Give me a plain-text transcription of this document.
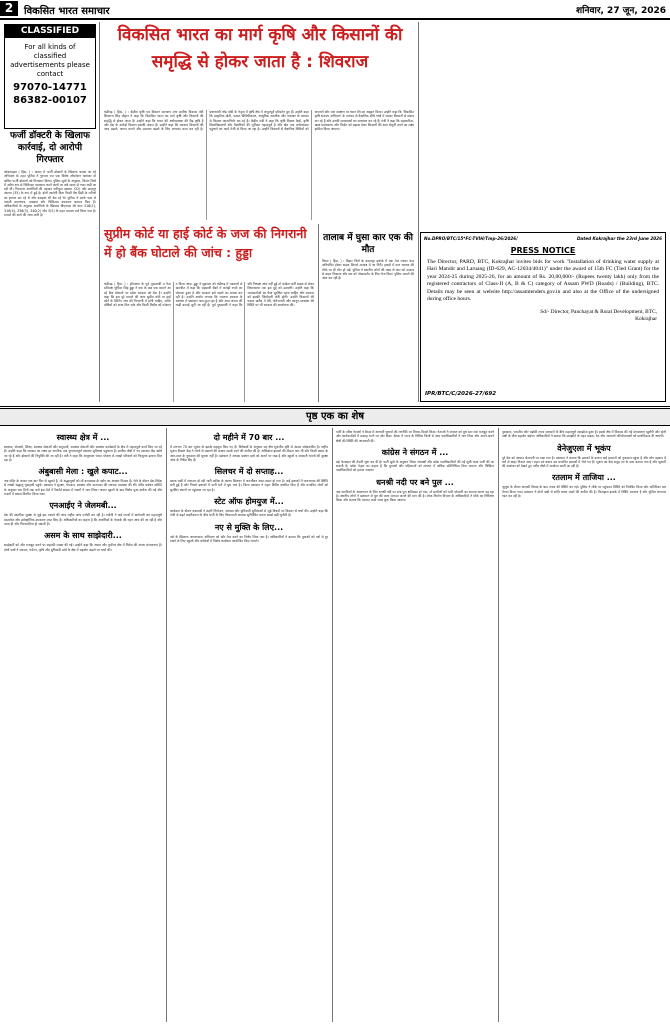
2	विकसित भारत समाचार	शनिवार, 27 जून, 2026
CLASSIFIED
For all kinds of classified advertisements please contact
97070-14771
86382-00107
फर्जी डॉक्टरी के खिलाफ कार्रवाई, दो आरोपी गिरफ्तार
कोकराझार ( हिस. ) : असम में फर्जी डॉक्टरों के खिलाफ चलाए जा रहे अभियान के तहत पुलिस ने गुरुवार रात एक विशेष ऑपरेशन चलाकर दो कथित फर्जी डॉक्टरों को गिरफ्तार किया। पुलिस सूत्रों के अनुसार, चिरांग जिले में अवैध रूप से चिकित्सा व्यवसाय करने वालों पर लंबे समय से नजर रखी जा रही थी। गिरफ्तार आरोपियों की पहचान शरीफुल इस्लाम (32) और शाहनूर आलम (35) के रूप में हुई है। दोनों आरोपी बिना किसी वैध डिग्री के मरीजों का इलाज कर रहे थे और दवाइयां भी बेच रहे थे। पुलिस ने उनके पास से नकली प्रमाणपत्र, दवाइयां और चिकित्सा उपकरण बरामद किए हैं। अधिकारियों के अनुसार आरोपियों के खिलाफ बीएनएस की धारा 316(2), 318(4), 336(3), 340(2) और 3(5) के तहत मामला दर्ज किया गया है। मामले की आगे की जांच जारी है।
विकसित भारत का मार्ग कृषि और किसानों की समृद्धि से होकर जाता है : शिवराज
चंडीगढ़ ( हिस. ) : केंद्रीय कृषि एवं किसान कल्याण तथा ग्रामीण विकास मंत्री शिवराज सिंह चौहान ने कहा कि विकसित भारत का मार्ग कृषि और किसानों की समृद्धि से होकर जाता है। उन्होंने कहा कि भारत की अर्थव्यवस्था की रीढ़ कृषि है और देश के करोड़ों किसान इसकी ताकत हैं। उन्होंने कहा कि सरकार किसानों की आय बढ़ाने, लागत घटाने और उत्पादन बढ़ाने के लिए लगातार काम कर रही है। प्रधानमंत्री नरेंद्र मोदी के नेतृत्व में कृषि क्षेत्र में अभूतपूर्व परिवर्तन हुए हैं। उन्होंने कहा कि प्राकृतिक खेती, फसल विविधीकरण, आधुनिक तकनीक और नवाचार के माध्यम से किसान आत्मनिर्भर बन रहे हैं। केंद्रीय मंत्री ने कहा कि कृषि विज्ञान केंद्रों, कृषि विश्वविद्यालयों और वैज्ञानिकों की भूमिका महत्वपूर्ण है और खेत तक प्रयोगशाला पहुंचाने का कार्य तेजी से किया जा रहा है। उन्होंने किसानों से वैज्ञानिक विधियों को अपनाने और जल संरक्षण पर ध्यान देने का आह्वान किया। उन्होंने कहा कि 'विकसित कृषि संकल्प अभियान' के माध्यम से वैज्ञानिक सीधे गांवों में जाकर किसानों से संवाद कर रहे हैं और उनकी समस्याओं का समाधान कर रहे हैं। मंत्री ने कहा कि सहकारिता, खाद्य प्रसंस्करण और निर्यात को बढ़ावा देकर किसानों की आय दोगुनी करने का लक्ष्य हासिल किया जाएगा।
सुप्रीम कोर्ट या हाई कोर्ट के जज की निगरानी में हो बैंक घोटाले की जांच : हुड्डा
चंडीगढ़ ( हिस. ) : हरियाणा के पूर्व मुख्यमंत्री व नेता प्रतिपक्ष भूपिंदर सिंह हुड्डा ने एक के बाद एक सामने आ रहे बैंक घोटालों पर प्रदेश सरकार को घेरा है। उन्होंने कहा कि इस पूरे मामले की जांच सुप्रीम कोर्ट या हाई कोर्ट के सिटिंग जज की निगरानी में होनी चाहिए, ताकि दोषियों को सजा मिल सके और किसी निर्दोष को परेशान न किया जाए। हुड्डा ने शुक्रवार को चंडीगढ़ में पत्रकारों से बातचीत में कहा कि सहकारी बैंकों में करोड़ों रुपये का घोटाला हुआ है और सरकार इसे दबाने का प्रयास कर रही है। उन्होंने आरोप लगाया कि भाजपा सरकार के संरक्षण में भ्रष्टाचार फल-फूल रहा है और आम जनता की गाढ़ी कमाई लूटी जा रही है। पूर्व मुख्यमंत्री ने कहा कि यदि निष्पक्ष जांच नहीं हुई तो कांग्रेस पार्टी सड़क से लेकर विधानसभा तक इस मुद्दे को उठाएगी। उन्होंने कहा कि जमाकर्ताओं का पैसा सुरक्षित रहना चाहिए और सरकार को इसकी जिम्मेदारी लेनी होगी। उन्होंने किसानों की फसल खरीद में देरी, बेरोजगारी और कानून-व्यवस्था की स्थिति पर भी सरकार की आलोचना की।
तालाब में घुसा कार एक की मौत
विराट ( हिस. ) : बिहार जिले के कदमपुर इलाके में एक तेज रफ्तार कार अनियंत्रित होकर सड़क किनारे तालाब में जा गिरी। हादसे में कार चालक की मौके पर ही मौत हो गई। पुलिस ने स्थानीय लोगों की मदद से कार को तालाब से बाहर निकाला और शव को पोस्टमार्टम के लिए भेज दिया। पुलिस मामले की जांच कर रही है।
No.DPRO/BTC/15*FC-TVIH/Tmp-26/2026/	Dated Kokrajhar the 23rd June 2026
PRESS NOTICE
The Director, PARD, BTC, Kokrajhar invites bids for work "Installation of drinking water supply at Hari Mandir and Laruang (ID-629, AC-12034/4041)" under the award of 15th FC (Tied Grant) for the year 2024-25 during 2025-26, for an amount of Rs. 20,00,000/- (Rupees twenty lakh) only from the registered contractors of Class-II (A, B & C) category of Assam PWD (Roads) / (Building), BTC. Details may be seen at website http://assamtenders.gov.in and also at the Office of the undersigned during office hours.
Sd/- Director, Panchayat & Rural Development, BTC, Kokrajhar
IPR/BTC/C/2026-27/692
पृष्ठ एक का शेष
स्वास्थ्य क्षेत्र में ...

स्वास्थ्य, सेवाओं, शिक्षा, स्वास्थ्य सेवाओं और समुदायों, स्वास्थ्य सेवाओं और स्वास्थ्य कार्यक्रमों के क्षेत्र में महत्वपूर्ण कार्य किए जा रहे हैं। उन्होंने कहा कि सरकार का लक्ष्य हर नागरिक तक गुणवत्तापूर्ण स्वास्थ्य सुविधाएं पहुंचाना है। ग्रामीण क्षेत्रों में नए स्वास्थ्य केंद्र खोले जा रहे हैं और डॉक्टरों की नियुक्ति की जा रही है। मंत्री ने कहा कि आयुष्मान भारत योजना से लाखों परिवारों को निःशुल्क इलाज मिल रहा है।

अंबुबासी मेला : खुले कपाट...

जब मंदिर के कपाट एक बार फिर से खुलते हैं, तो श्रद्धालुओं को माँ कामाख्या के दर्शन का अवसर मिलता है। मेले के दौरान देश-विदेश से लाखों श्रद्धालु गुवाहाटी पहुंचे। प्रशासन ने सुरक्षा, पेयजल, स्वास्थ्य और यातायात की व्यापक व्यवस्था की थी। मंदिर प्रबंधन समिति के अनुसार चार दिनों तक चले इस मेले में रिकॉर्ड संख्या में भक्तों ने भाग लिया। कपाट खुलने के बाद विशेष पूजा-अर्चना की गई और भक्तों में प्रसाद वितरित किया गया।

एनआईए ने जेलमबी...

देश की आंतरिक सुरक्षा से जुड़े इस मामले की जांच राष्ट्रीय जांच एजेंसी कर रही है। एजेंसी ने कई राज्यों में छापेमारी कर महत्वपूर्ण दस्तावेज और इलेक्ट्रॉनिक उपकरण जब्त किए हैं। अधिकारियों का कहना है कि आरोपियों के नेटवर्क की गहन जांच की जा रही है और जल्द ही और गिरफ्तारियां हो सकती हैं।

असम के साथ साझेदारी...

साझेदारी को और मजबूत करने पर सहमति व्यक्त की गई। उन्होंने कहा कि असम और पूर्वोत्तर क्षेत्र में निवेश की अपार संभावनाएं हैं। दोनों पक्षों ने व्यापार, पर्यटन, कृषि और बुनियादी ढांचे के क्षेत्र में सहयोग बढ़ाने पर चर्चा की।

दो महीने में 70 बार ...

में लगभग 70 बार भूकंप के झटके महसूस किए गए हैं। विशेषज्ञों के अनुसार यह क्षेत्र भूकंपीय दृष्टि से अत्यंत संवेदनशील है। राष्ट्रीय भूकंप विज्ञान केंद्र ने लोगों से घबराने की बजाय सतर्क रहने की अपील की है। अधिकांश झटकों की तीव्रता कम थी और किसी प्रकार के जान-माल के नुकसान की सूचना नहीं है। प्रशासन ने आपदा प्रबंधन दलों को अलर्ट पर रखा है और स्कूलों व सरकारी भवनों की सुरक्षा जांच के निर्देश दिए हैं।

सिलचर में दो सप्ताह...

बराक घाटी में लगातार हो रही भारी बारिश के कारण सिलचर में जनजीवन अस्त-व्यस्त हो गया है। कई इलाकों में जलजमाव की स्थिति बनी हुई है और निचले इलाकों में पानी घरों में घुस गया है। जिला प्रशासन ने राहत शिविर स्थापित किए हैं और प्रभावित लोगों को सुरक्षित स्थानों पर पहुंचाया जा रहा है।

स्टेट ऑफ होमयुज में...

कार्यक्रम के दौरान वक्ताओं ने शहरी नियोजन, आवास और बुनियादी सुविधाओं से जुड़े विषयों पर विस्तार से चर्चा की। उन्होंने कहा कि तेजी से बढ़ते शहरीकरण के बीच सभी के लिए किफायती आवास सुनिश्चित करना सबसे बड़ी चुनौती है।

नए से मुक्ति के लिए...

नशे के खिलाफ जागरूकता अभियान को और तेज करने का निर्णय लिया गया है। अधिकारियों ने बताया कि युवाओं को नशे से दूर रखने के लिए स्कूलों और कॉलेजों में विशेष कार्यक्रम आयोजित किए जाएंगे।

पार्टी के वरिष्ठ नेताओं ने बैठक में आगामी चुनावों की रणनीति पर विचार-विमर्श किया। नेताओं ने संगठन को बूथ स्तर तक मजबूत करने और कार्यकर्ताओं में उत्साह भरने पर जोर दिया। बैठक में राज्य के विभिन्न जिलों से आए पदाधिकारियों ने भाग लिया और अपने-अपने क्षेत्रों की स्थिति की जानकारी दी।

कांग्रेस ने संगठन में ...

बड़े फेरबदल की तैयारी शुरू कर दी है। पार्टी सूत्रों के अनुसार जिला अध्यक्षों और प्रदेश पदाधिकारियों की नई सूची जल्द जारी की जा सकती है। प्रदेश नेतृत्व का कहना है कि युवाओं और महिलाओं को संगठन में अधिक प्रतिनिधित्व दिया जाएगा और निष्क्रिय पदाधिकारियों को हटाया जाएगा।

धनश्री नदी पर बने पुल ...

जब नागरिकों के आवागमन के लिए धनश्री नदी पर बना पुल क्षतिग्रस्त हो गया, तो ग्रामीणों को भारी परेशानी का सामना करना पड़ रहा है। स्थानीय लोगों ने प्रशासन से पुल की जल्द मरम्मत कराने की मांग की है। लोक निर्माण विभाग के अधिकारियों ने मौके का निरीक्षण किया और बताया कि मरम्मत कार्य जल्द शुरू किया जाएगा।

पुरस्कार, भारतीय और पड़ोसी राज्य सरकारों के बीच महत्वपूर्ण समझौता हुआ है। इससे क्षेत्र में विकास की नई संभावनाएं खुलेंगी और दोनों पक्षों के बीच सहयोग बढ़ेगा। अधिकारियों ने बताया कि समझौते के तहत सड़क, रेल और जलमार्ग परियोजनाओं को प्राथमिकता दी जाएगी।

वेनेजुएला में भूकंप

पूरे देश को आपात चेतावनी पर रखा गया है। प्रशासन ने बताया कि झटकों के कारण कई इमारतों को नुकसान पहुंचा है और लोग दहशत में घरों से बाहर निकल आए। राहत एवं बचाव दल प्रभावित इलाकों में भेजे गए हैं। भूकंप का केंद्र समुद्र तट के पास बताया गया है और सुनामी की आशंका को देखते हुए तटीय क्षेत्रों में सतर्कता बरती जा रही है।

रतलाम में ताजिया ...

जुलूस के दौरान आपसी विवाद के बाद तनाव की स्थिति बन गई। पुलिस ने मौके पर पहुंचकर स्थिति को नियंत्रित किया और अतिरिक्त बल तैनात किया गया। प्रशासन ने दोनों पक्षों से शांति बनाए रखने की अपील की है। फिलहाल इलाके में स्थिति सामान्य है और पुलिस लगातार गश्त कर रही है।
